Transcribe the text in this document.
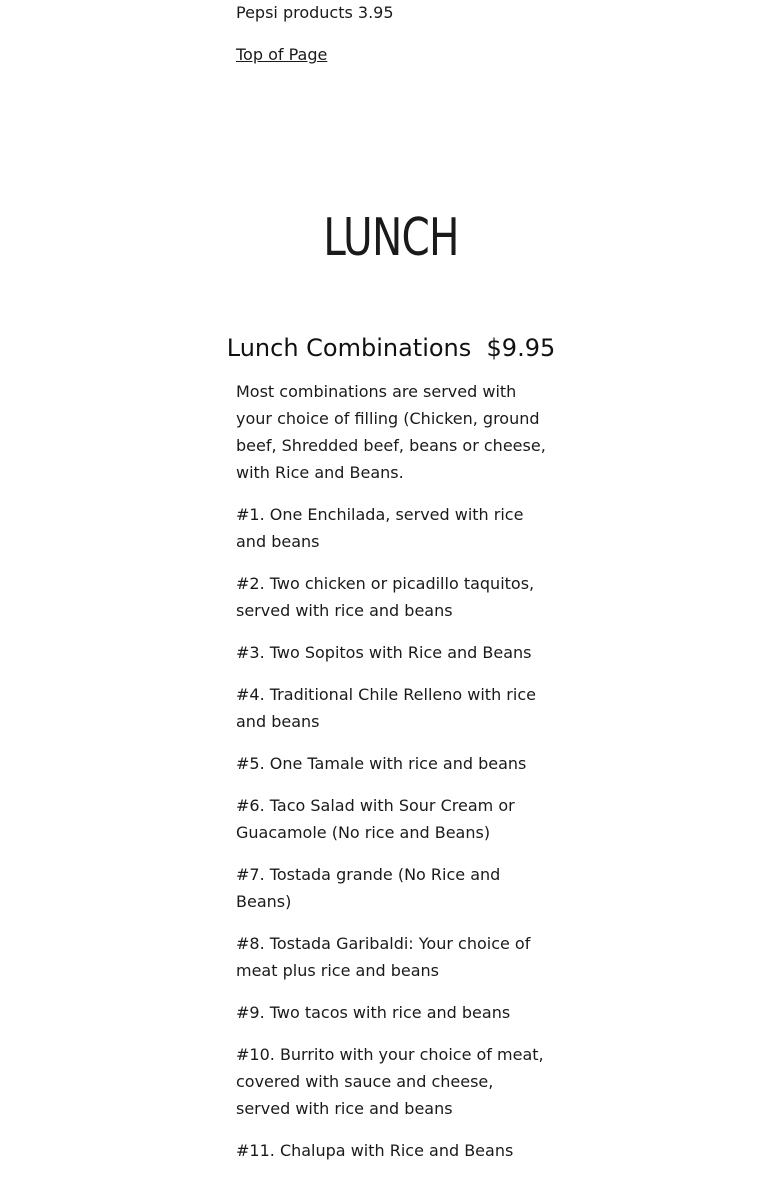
Pepsi products 3.95

Top of Page

Most combinations are served with your choice of filling (Chicken, ground beef, Shredded beef, beans or cheese, with Rice and Beans.

#1. One Enchilada, served with rice and beans

#2. Two chicken or picadillo taquitos, served with rice and beans

#3. Two Sopitos with Rice and Beans

#4. Traditional Chile Relleno with rice and beans

#5. One Tamale with rice and beans

#6. Taco Salad with Sour Cream or Guacamole (No rice and Beans)

#7. Tostada grande (No Rice and Beans)

#8. Tostada Garibaldi: Your choice of meat plus rice and beans

#9. Two tacos with rice and beans

#10. Burrito with your choice of meat, covered with sauce and cheese, served with rice and beans

#11. Chalupa with Rice and Beans

LUNCH
Lunch Combinations  $9.95
